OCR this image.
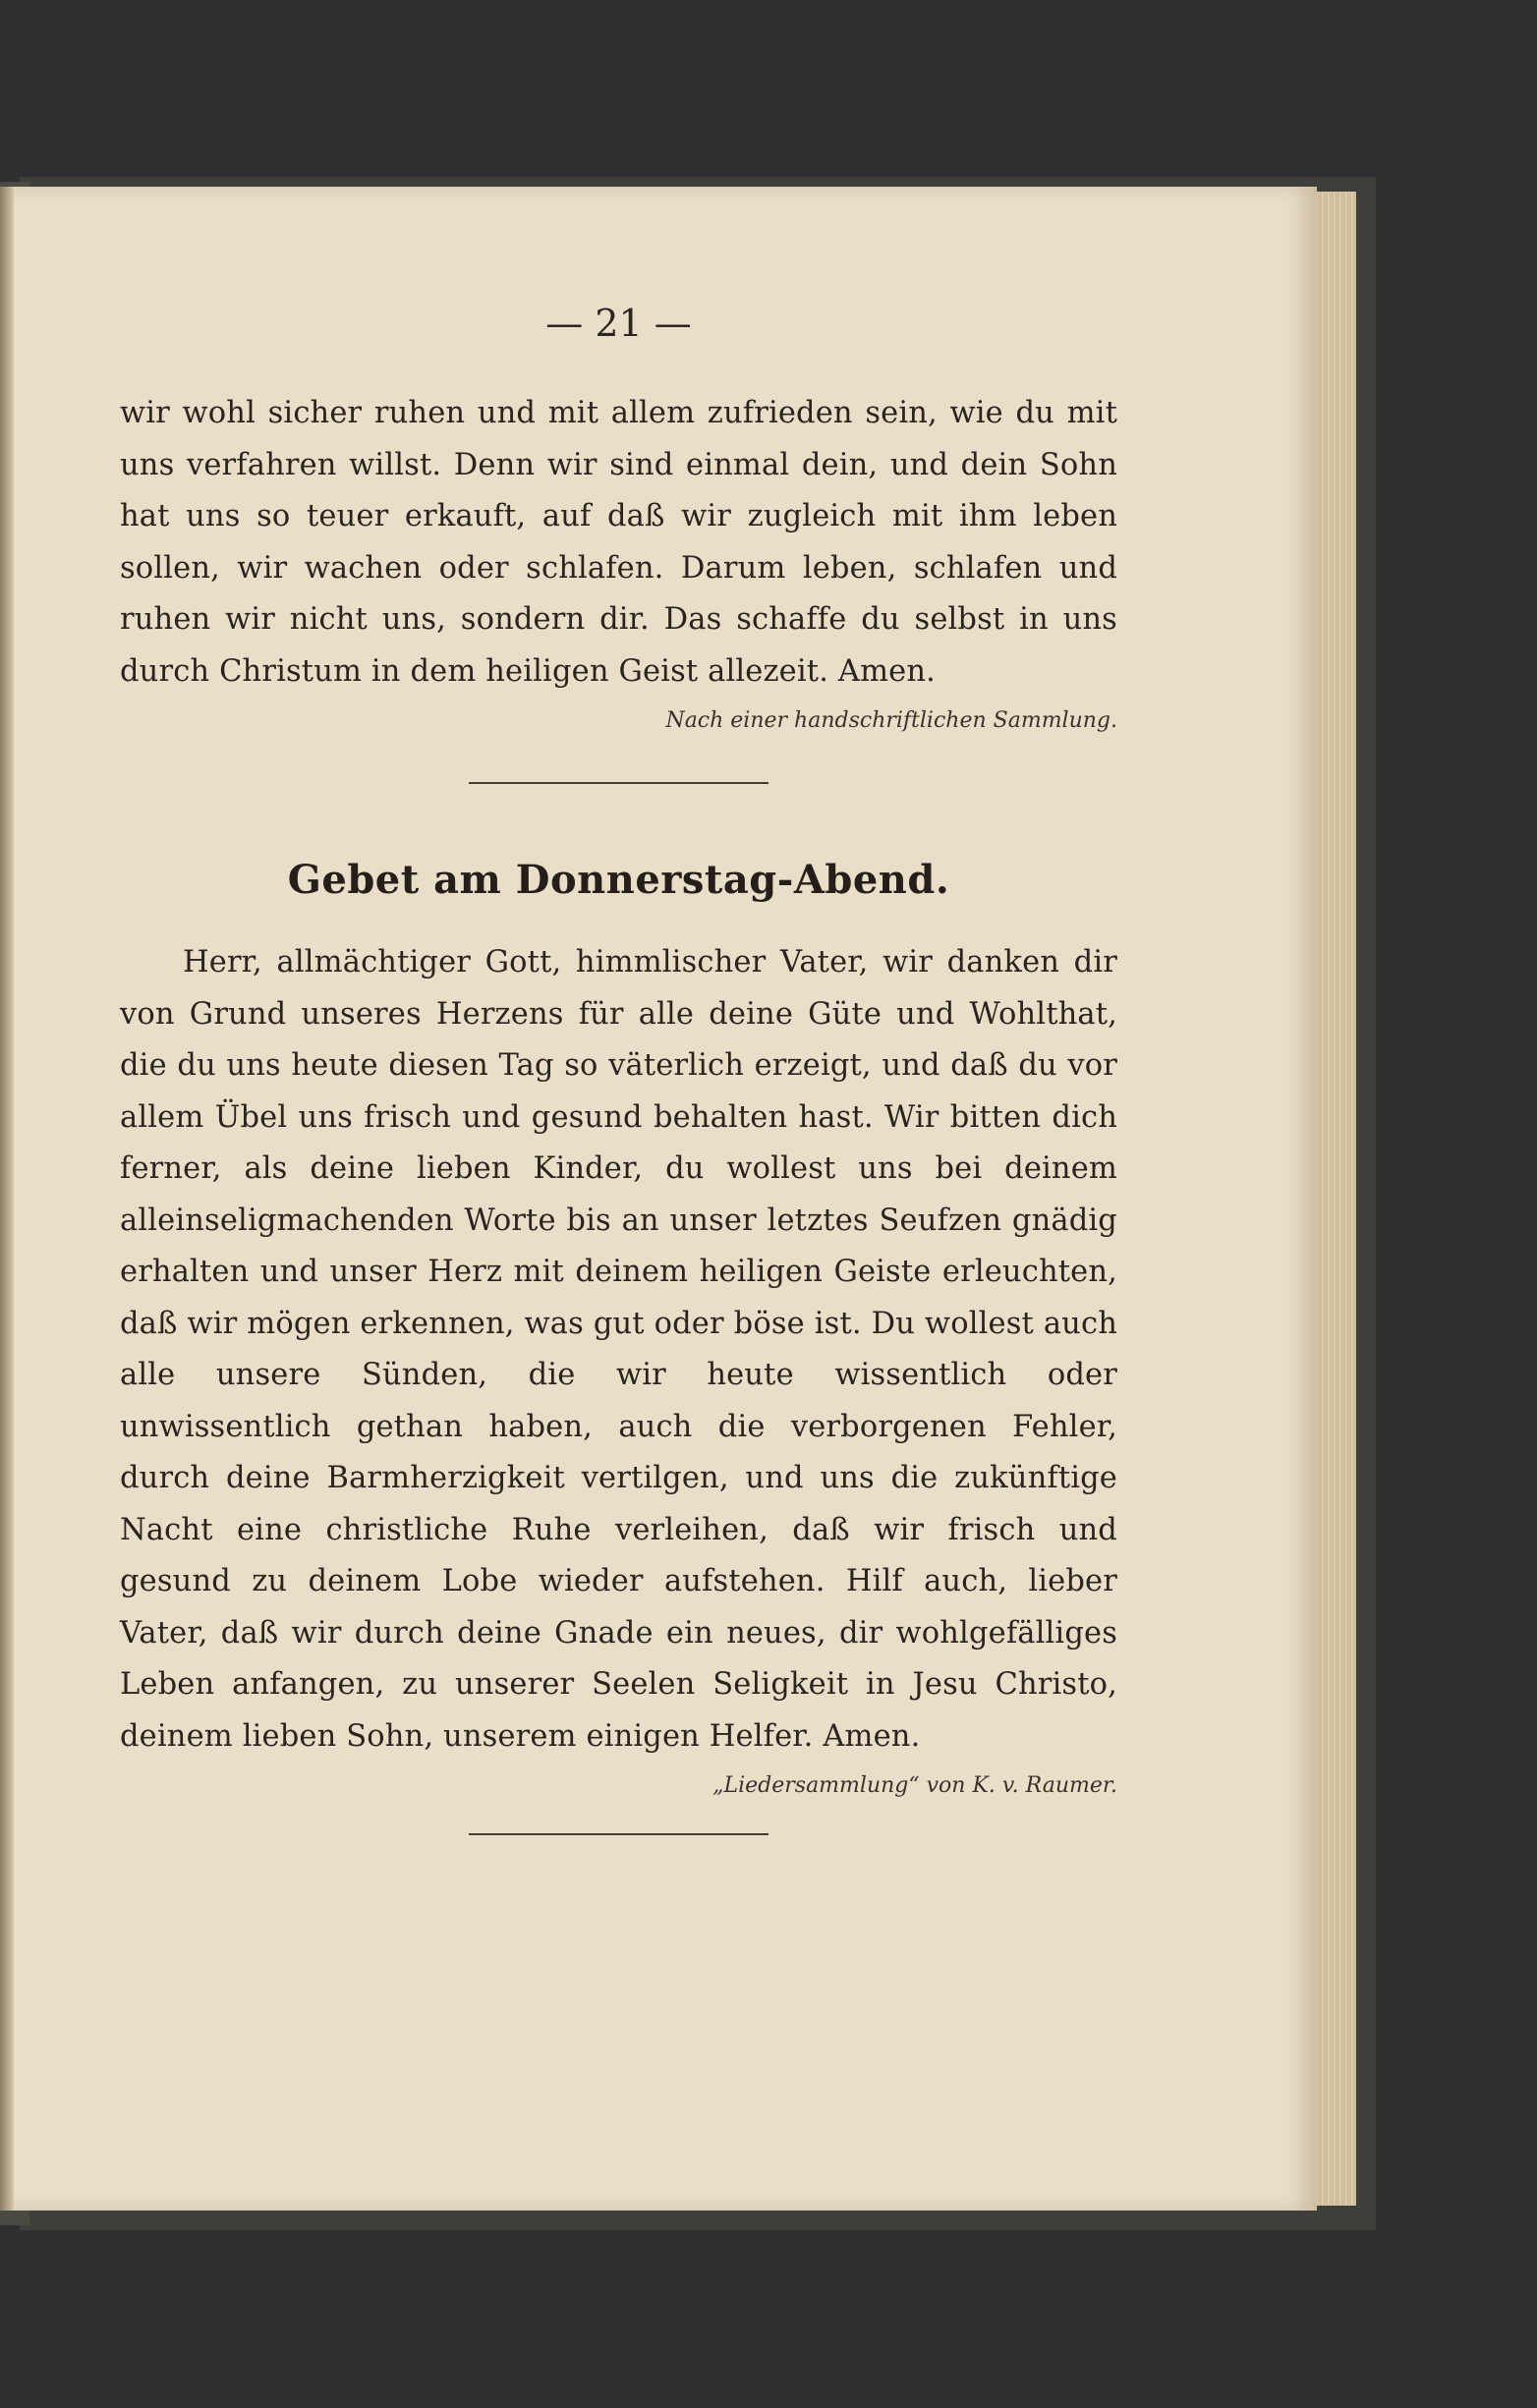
— 21 —

wir wohl sicher ruhen und mit allem zufrieden sein, wie du mit uns verfahren willst. Denn wir sind einmal dein, und dein Sohn hat uns so teuer erkauft, auf daß wir zugleich mit ihm leben sollen, wir wachen oder schlafen. Darum leben, schlafen und ruhen wir nicht uns, sondern dir. Das schaffe du selbst in uns durch Christum in dem heiligen Geist allezeit. Amen.

Nach einer handschriftlichen Sammlung.

Gebet am Donnerstag-Abend.

Herr, allmächtiger Gott, himmlischer Vater, wir danken dir von Grund unseres Herzens für alle deine Güte und Wohlthat, die du uns heute diesen Tag so väterlich erzeigt, und daß du vor allem Übel uns frisch und gesund behalten hast. Wir bitten dich ferner, als deine lieben Kinder, du wollest uns bei deinem alleinseligmachenden Worte bis an unser letztes Seufzen gnädig erhalten und unser Herz mit deinem heiligen Geiste erleuchten, daß wir mögen erkennen, was gut oder böse ist. Du wollest auch alle unsere Sünden, die wir heute wissentlich oder unwissentlich gethan haben, auch die verborgenen Fehler, durch deine Barmherzigkeit vertilgen, und uns die zukünftige Nacht eine christliche Ruhe verleihen, daß wir frisch und gesund zu deinem Lobe wieder aufstehen. Hilf auch, lieber Vater, daß wir durch deine Gnade ein neues, dir wohlgefälliges Leben anfangen, zu unserer Seelen Seligkeit in Jesu Christo, deinem lieben Sohn, unserem einigen Helfer. Amen.

„Liedersammlung“ von K. v. Raumer.
